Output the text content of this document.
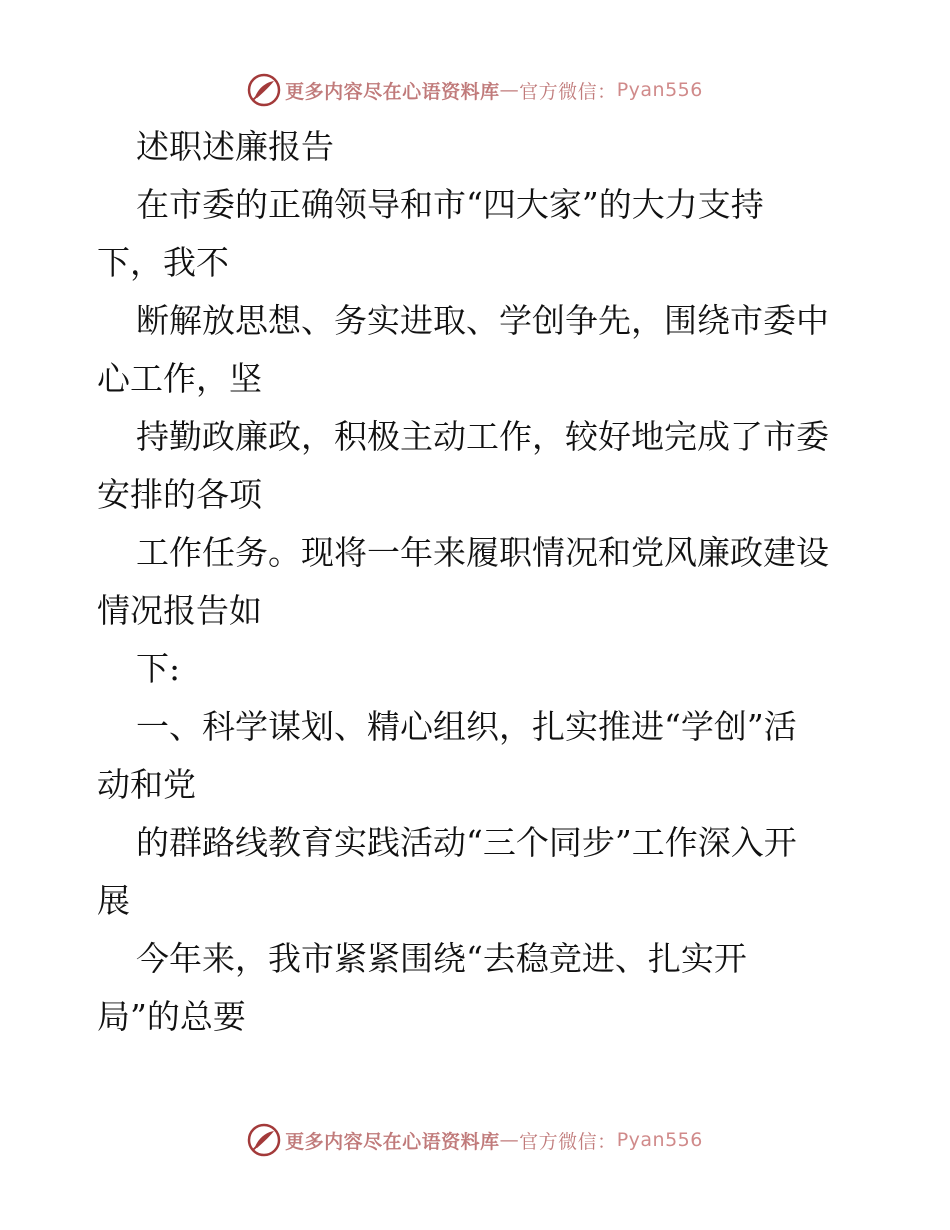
更多内容尽在心语资料库 — 官方微信： Pyan556

述职述廉报告

在市委的正确领导和市“四大家”的大力支持

下，我不

断解放思想、务实进取、学创争先，围绕市委中

心工作，坚

持勤政廉政，积极主动工作，较好地完成了市委

安排的各项

工作任务。现将一年来履职情况和党风廉政建设

情况报告如

下:

一、科学谋划、精心组织，扎实推进“学创”活

动和党

的群路线教育实践活动“三个同步”工作深入开

展

今年来，我市紧紧围绕“去稳竞进、扎实开

局”的总要

更多内容尽在心语资料库 — 官方微信： Pyan556
